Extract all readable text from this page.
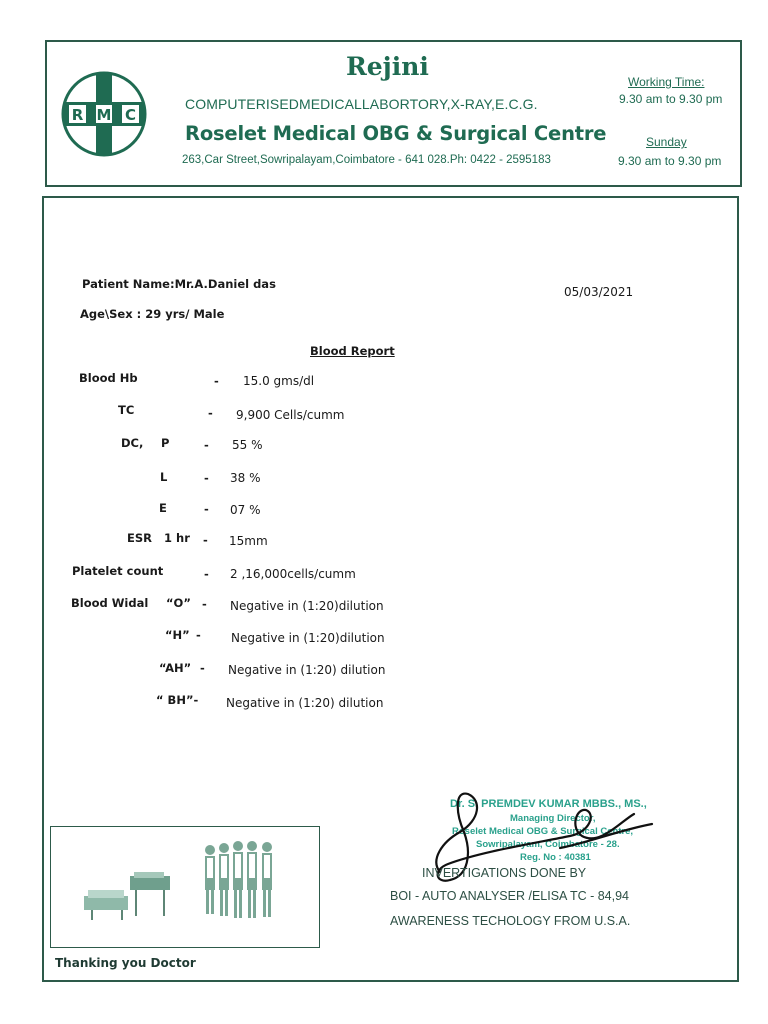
R M C
Rejini
COMPUTERISEDMEDICALLABORTORY,X-RAY,E.C.G.
Roselet Medical OBG & Surgical Centre
263,Car Street,Sowripalayam,Coimbatore - 641 028.Ph: 0422 - 2595183
Working Time:
9.30 am to 9.30 pm
Sunday
9.30 am to 9.30 pm
Patient Name:Mr.A.Daniel das
05/03/2021
Age\Sex : 29 yrs/ Male
Blood Report
Blood Hb	- 15.0 gms/dl
TC	- 9,900 Cells/cumm
DC, P	- 55 %
L	- 38 %
E	- 07 %
ESR 1 hr - 15mm
Platelet count	- 2 ,16,000cells/cumm
Blood Widal “O” - Negative in (1:20)dilution
“H” -	Negative in (1:20)dilution
“AH” - Negative in (1:20) dilution
“ BH”- Negative in (1:20) dilution
Dr. S. PREMDEV KUMAR MBBS., MS.,
Managing Director,
Roselet Medical OBG & Surgical Centre,
Sowripalayam, Coimbatore - 28.
Reg. No : 40381
INVERTIGATIONS DONE BY
BOI - AUTO ANALYSER /ELISA TC - 84,94
AWARENESS TECHOLOGY FROM U.S.A.
Thanking you Doctor
